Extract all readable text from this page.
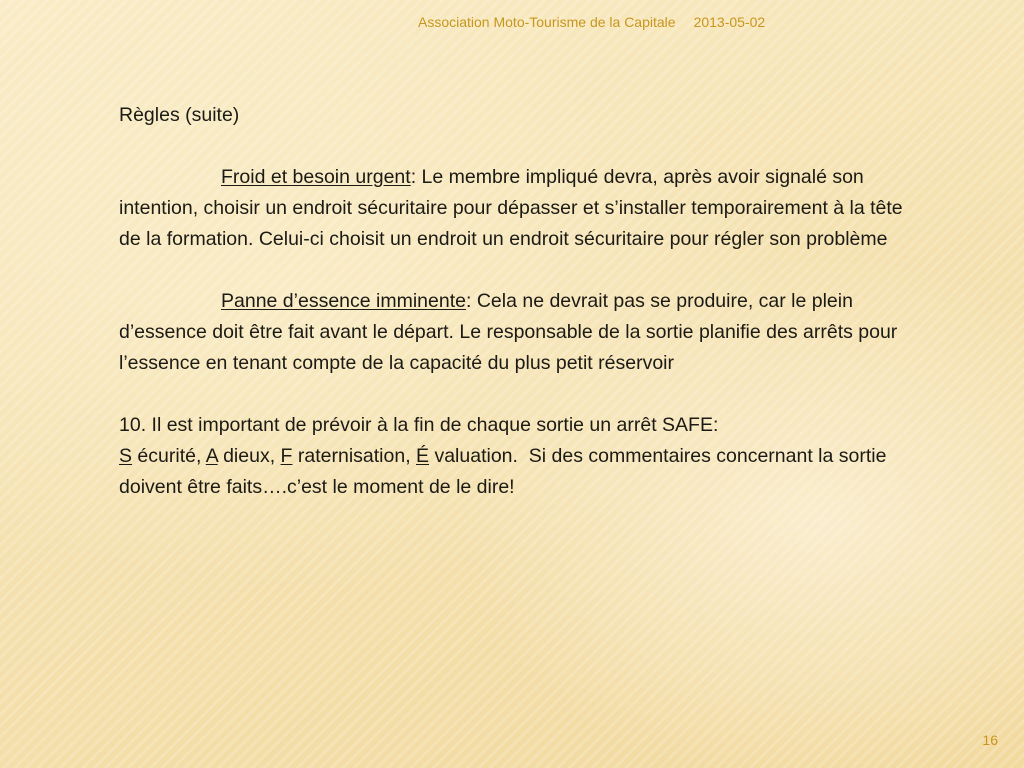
Association Moto-Tourisme de la Capitale 2013-05-02

Règles (suite)

Froid et besoin urgent: Le membre impliqué devra, après avoir signalé son intention, choisir un endroit sécuritaire pour dépasser et s’installer temporairement à la tête de la formation. Celui-ci choisit un endroit un endroit sécuritaire pour régler son problème

Panne d’essence imminente: Cela ne devrait pas se produire, car le plein d’essence doit être fait avant le départ. Le responsable de la sortie planifie des arrêts pour l’essence en tenant compte de la capacité du plus petit réservoir

10. Il est important de prévoir à la fin de chaque sortie un arrêt SAFE:

S écurité, A dieux, F raternisation, É valuation.  Si des commentaires concernant la sortie doivent être faits….c’est le moment de le dire!

16
